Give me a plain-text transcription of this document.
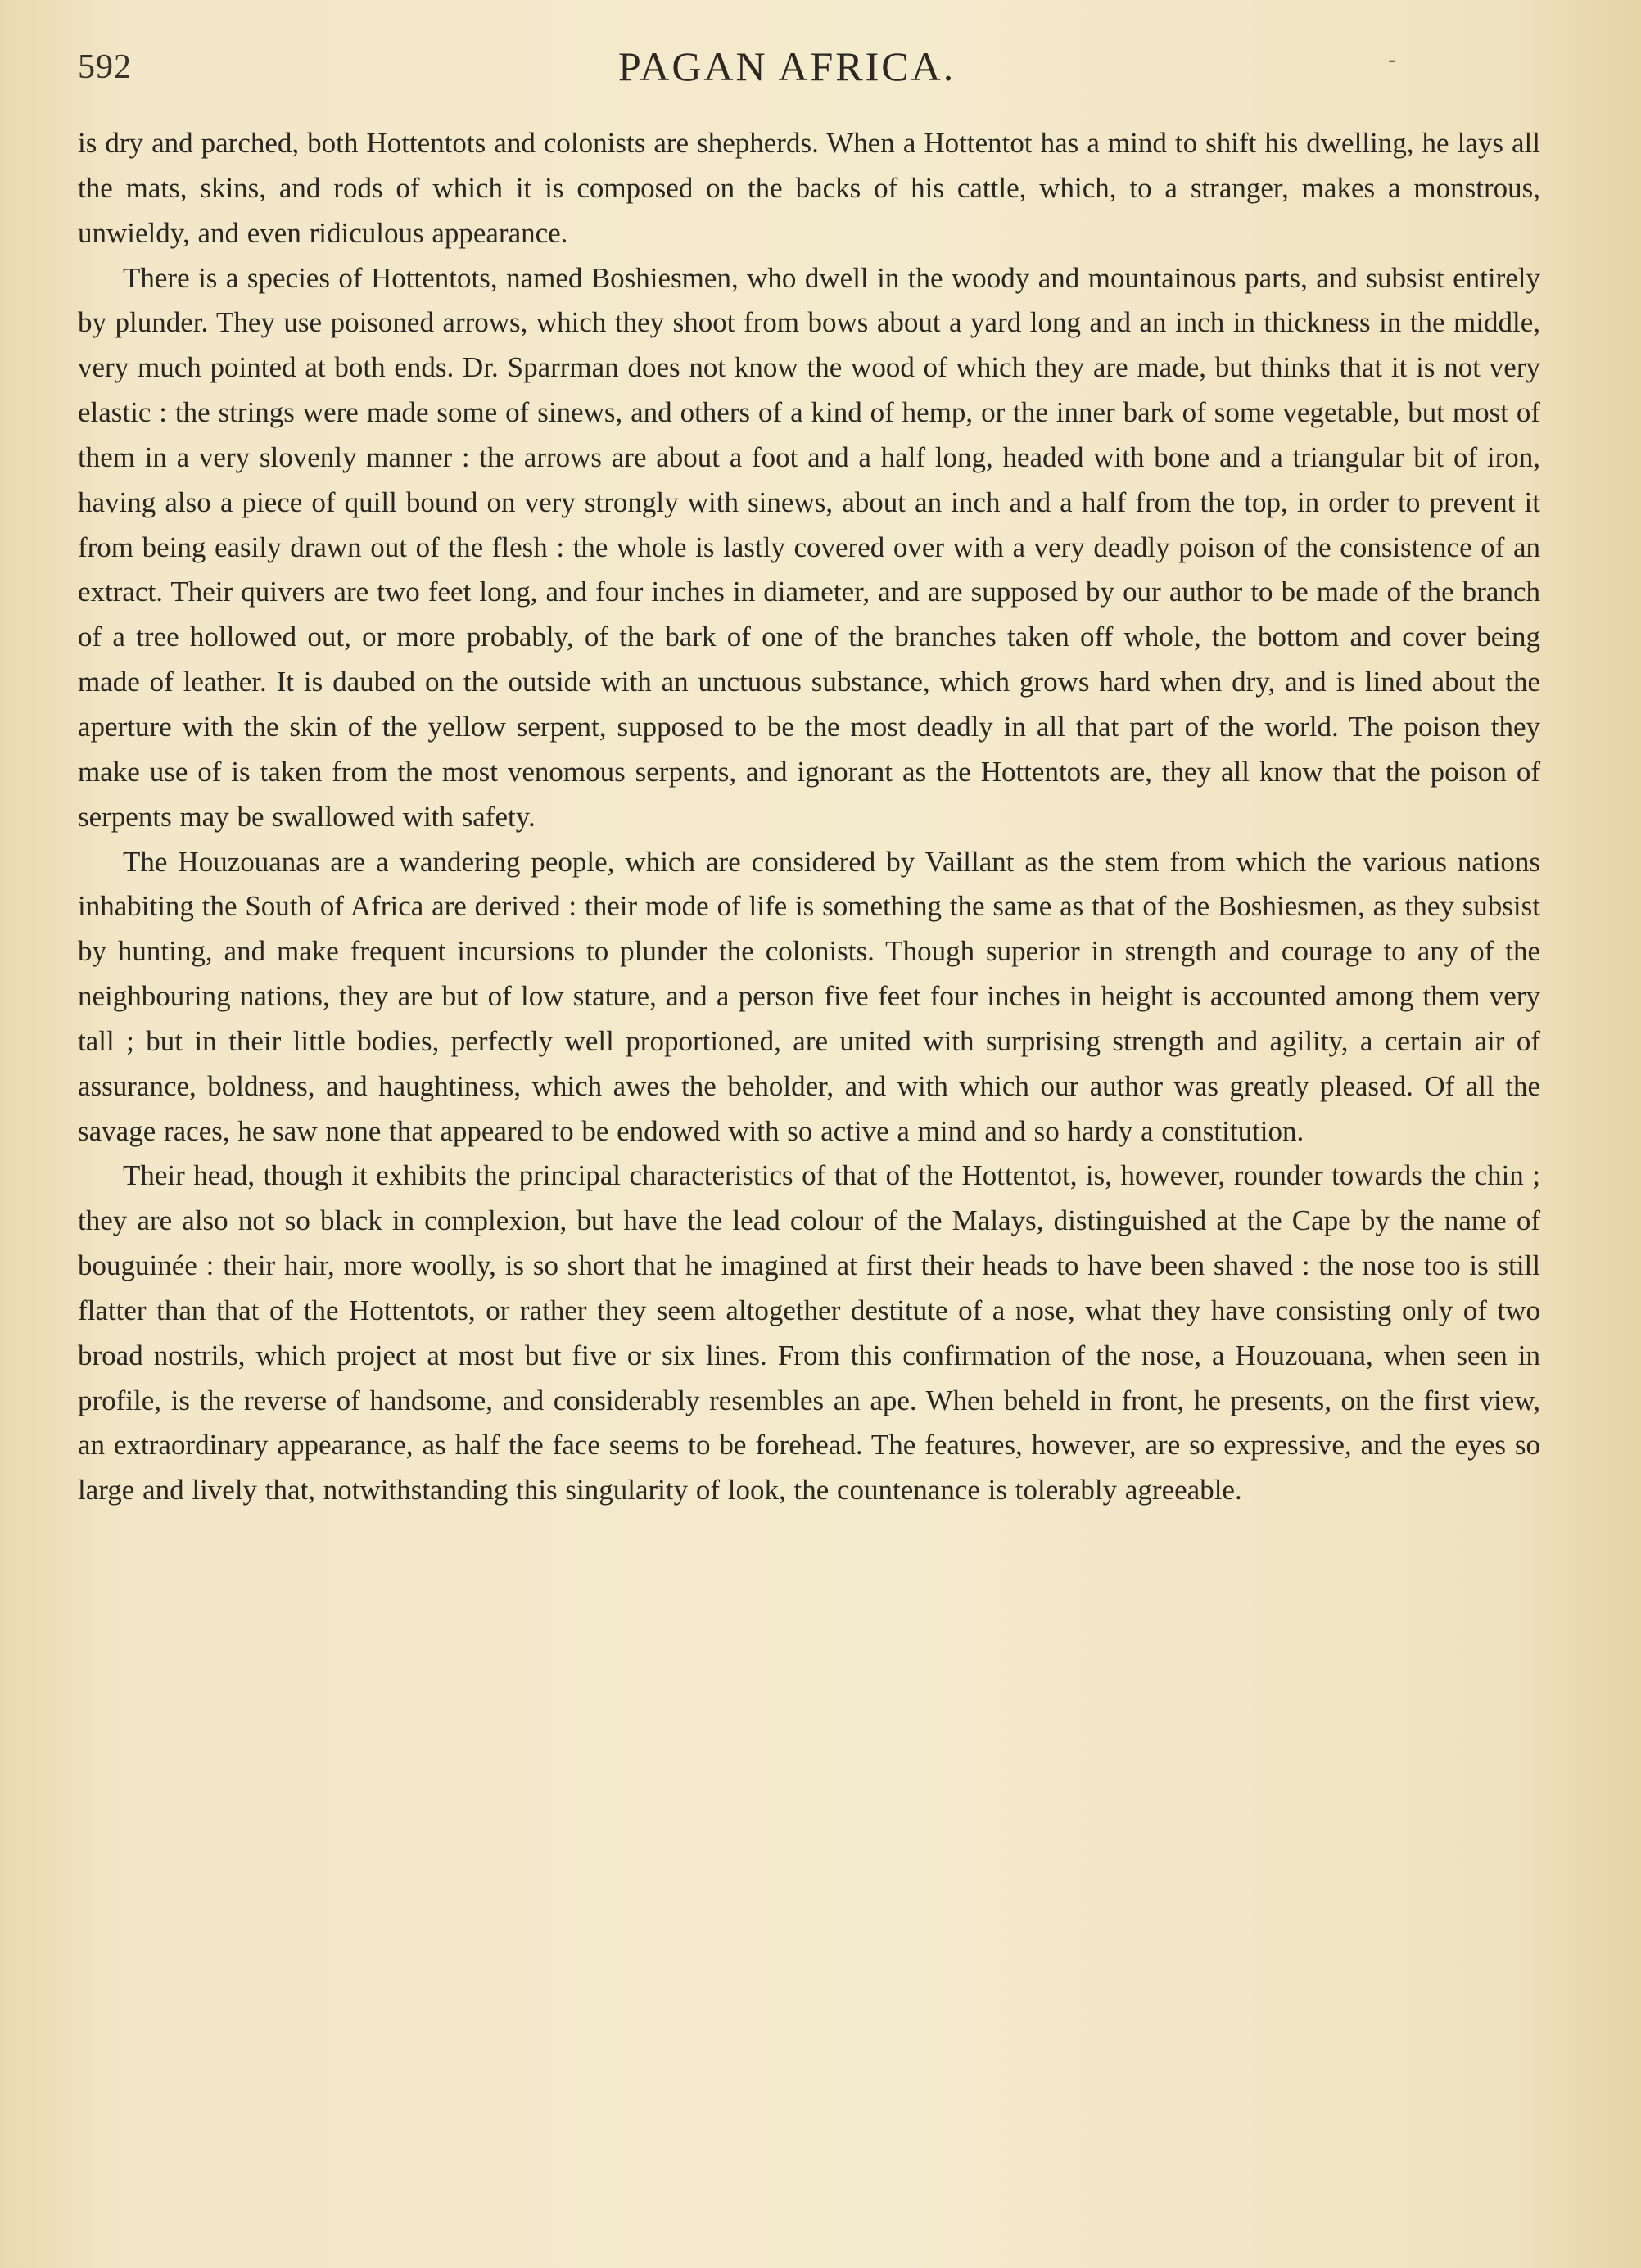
592	PAGAN AFRICA.	-

is dry and parched, both Hottentots and colonists are shepherds. When a Hottentot has a mind to shift his dwelling, he lays all the mats, skins, and rods of which it is composed on the backs of his cattle, which, to a stranger, makes a monstrous, unwieldy, and even ridiculous appearance.

There is a species of Hottentots, named Boshiesmen, who dwell in the woody and mountainous parts, and subsist entirely by plunder. They use poisoned arrows, which they shoot from bows about a yard long and an inch in thickness in the middle, very much pointed at both ends. Dr. Sparrman does not know the wood of which they are made, but thinks that it is not very elastic : the strings were made some of sinews, and others of a kind of hemp, or the inner bark of some vegetable, but most of them in a very slovenly manner : the arrows are about a foot and a half long, headed with bone and a triangular bit of iron, having also a piece of quill bound on very strongly with sinews, about an inch and a half from the top, in order to prevent it from being easily drawn out of the flesh : the whole is lastly covered over with a very deadly poison of the consistence of an extract. Their quivers are two feet long, and four inches in diameter, and are supposed by our author to be made of the branch of a tree hollowed out, or more probably, of the bark of one of the branches taken off whole, the bottom and cover being made of leather. It is daubed on the outside with an unctuous substance, which grows hard when dry, and is lined about the aperture with the skin of the yellow serpent, supposed to be the most deadly in all that part of the world. The poison they make use of is taken from the most venomous serpents, and ignorant as the Hottentots are, they all know that the poison of serpents may be swallowed with safety.

The Houzouanas are a wandering people, which are considered by Vaillant as the stem from which the various nations inhabiting the South of Africa are derived : their mode of life is something the same as that of the Boshiesmen, as they subsist by hunting, and make frequent incursions to plunder the colonists. Though superior in strength and courage to any of the neighbouring nations, they are but of low stature, and a person five feet four inches in height is accounted among them very tall ; but in their little bodies, perfectly well proportioned, are united with surprising strength and agility, a certain air of assurance, boldness, and haughtiness, which awes the beholder, and with which our author was greatly pleased. Of all the savage races, he saw none that appeared to be endowed with so active a mind and so hardy a constitution.

Their head, though it exhibits the principal characteristics of that of the Hottentot, is, however, rounder towards the chin ; they are also not so black in complexion, but have the lead colour of the Malays, distinguished at the Cape by the name of bouguinée : their hair, more woolly, is so short that he imagined at first their heads to have been shaved : the nose too is still flatter than that of the Hottentots, or rather they seem altogether destitute of a nose, what they have consisting only of two broad nostrils, which project at most but five or six lines. From this confirmation of the nose, a Houzouana, when seen in profile, is the reverse of handsome, and considerably resembles an ape. When beheld in front, he presents, on the first view, an extraordinary appearance, as half the face seems to be forehead. The features, however, are so expressive, and the eyes so large and lively that, notwithstanding this singularity of look, the countenance is tolerably agreeable.
